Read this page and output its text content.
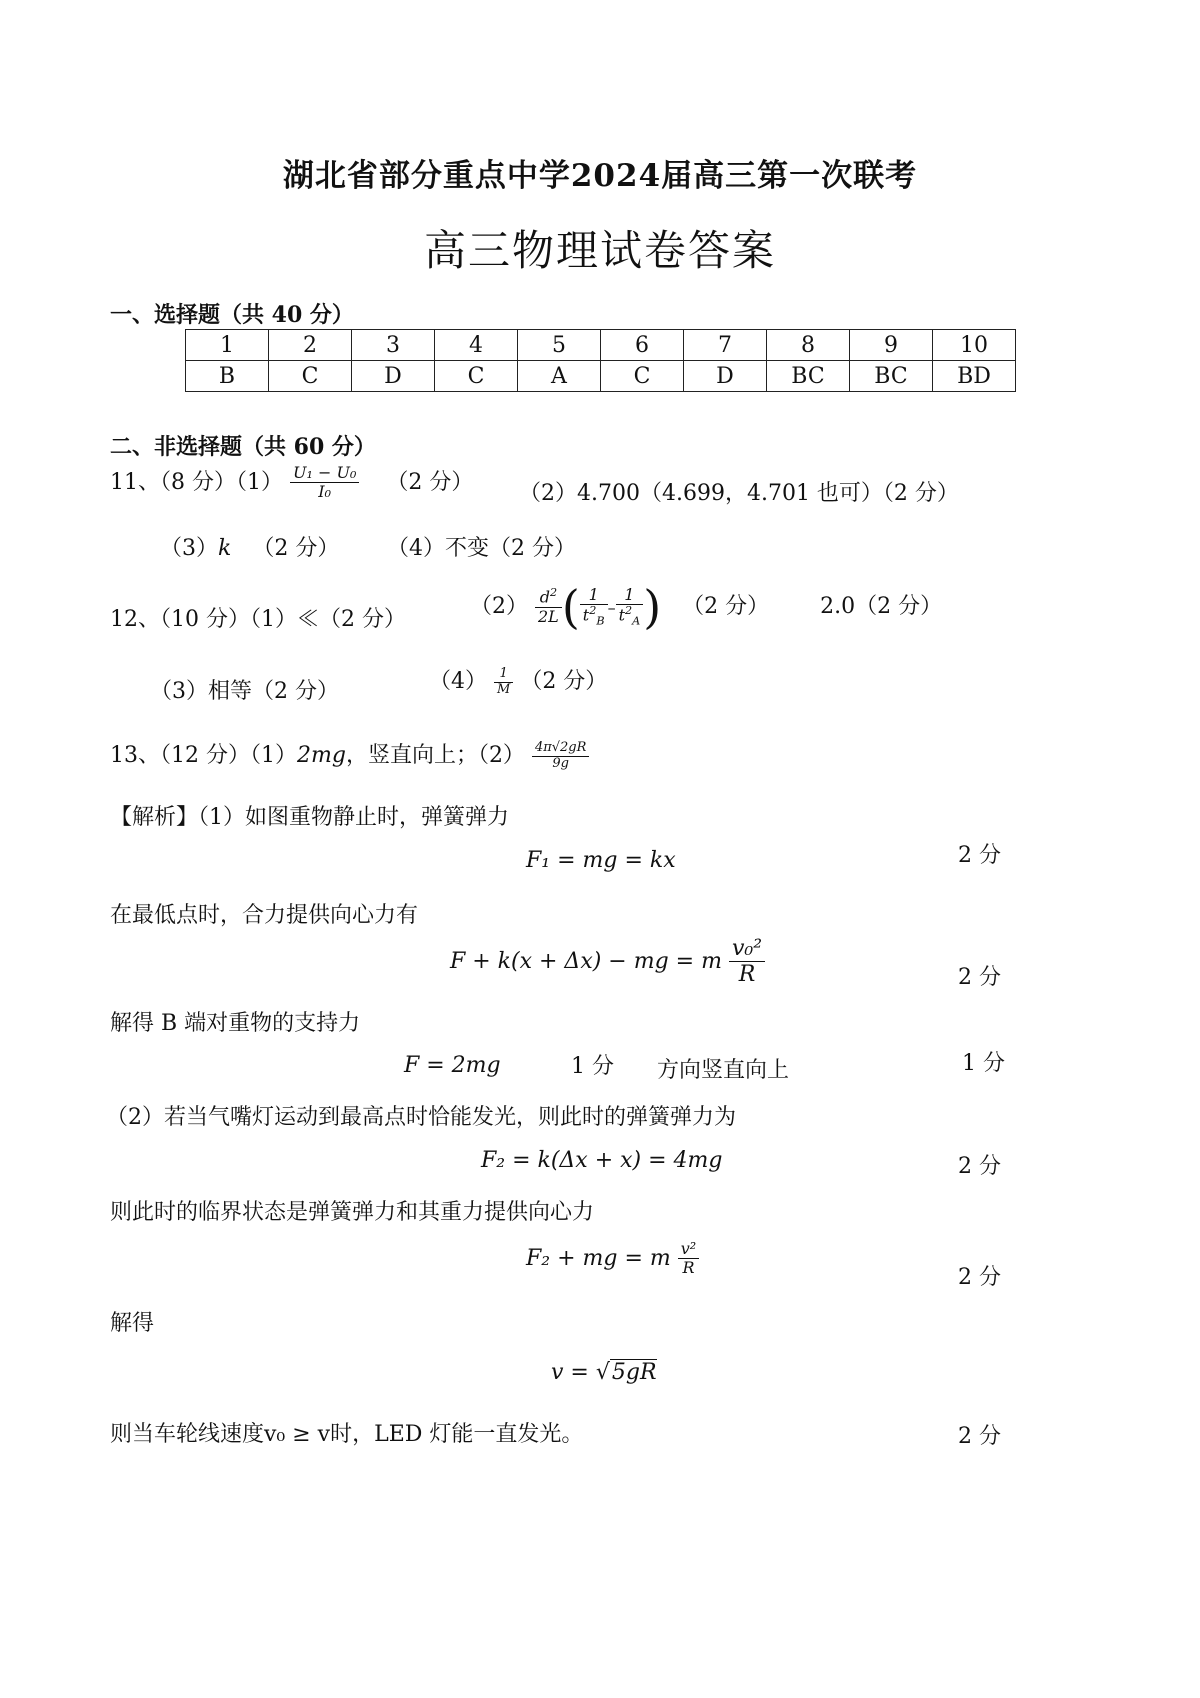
湖北省部分重点中学2024届高三第一次联考
高三物理试卷答案
一、选择题（共 40 分）
1	2	3	4	5	6	7	8	9	10
B	C	D	C	A	C	D	BC	BC	BD
二、非选择题（共 60 分）
11、（8 分）$(1) \frac{\text{U₁ − U₀}}{\text{I₀}} (2$ 分） （2）4.700（4.699，4.701 也可）（2 分）
（3）k （2 分） （4）不变（2 分）
12、（10 分）（1）≪（2 分）
$(2) \frac{d^2}{2L}$ ( $\frac{1}{t^2_B} - \frac{1}{t^2_A}$ ) （2 分） 2.0（2 分）
（3）相等（2 分）	$(4) \frac{1}{M} (2$ 分）
13、（12 分）（1）2mg，竖直向上；$(2) \frac{4\pi√2gR}{9g}$
【解析】（1）如图重物静止时，弹簧弹力
F₁ = mg = kx	2 分
在最低点时，合力提供向心力有
F + k(x + Δx) − mg = m $\frac{\text{v₀²}}{R}$	2 分
解得 B 端对重物的支持力
F = 2mg	1 分 方向竖直向上	1 分
（2）若当气嘴灯运动到最高点时恰能发光，则此时的弹簧弹力为
F₂ = k(Δx + x) = 4mg	2 分
则此时的临界状态是弹簧弹力和其重力提供向心力
F₂ + mg = m $\frac{\text{v²}}{R}$	2 分
解得
v = √5gR
则当车轮线速度v₀ ≥ v时，LED 灯能一直发光。	2 分
